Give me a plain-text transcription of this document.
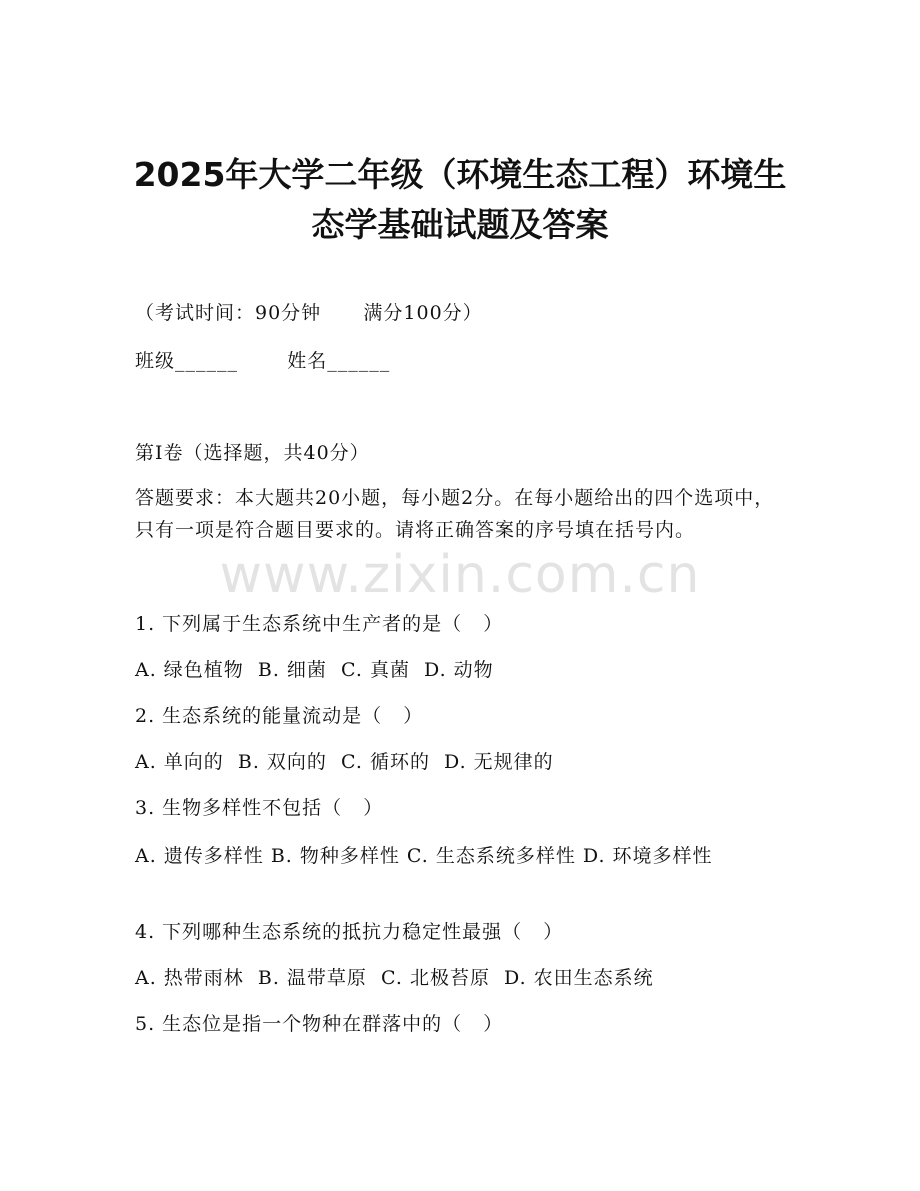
2025年大学二年级（环境生态工程）环境生
态学基础试题及答案
（考试时间：90分钟      满分100分）
班级______       姓名______
第I卷（选择题，共40分）
答题要求：本大题共20小题，每小题2分。在每小题给出的四个选项中，只有一项是符合题目要求的。请将正确答案的序号填在括号内。
www.zixin.com.cn
1. 下列属于生态系统中生产者的是（   ）
A. 绿色植物  B. 细菌  C. 真菌  D. 动物
2. 生态系统的能量流动是（   ）
A. 单向的  B. 双向的  C. 循环的  D. 无规律的
3. 生物多样性不包括（   ）
A. 遗传多样性 B. 物种多样性 C. 生态系统多样性 D. 环境多样性
4. 下列哪种生态系统的抵抗力稳定性最强（   ）
A. 热带雨林  B. 温带草原  C. 北极苔原  D. 农田生态系统
5. 生态位是指一个物种在群落中的（   ）
